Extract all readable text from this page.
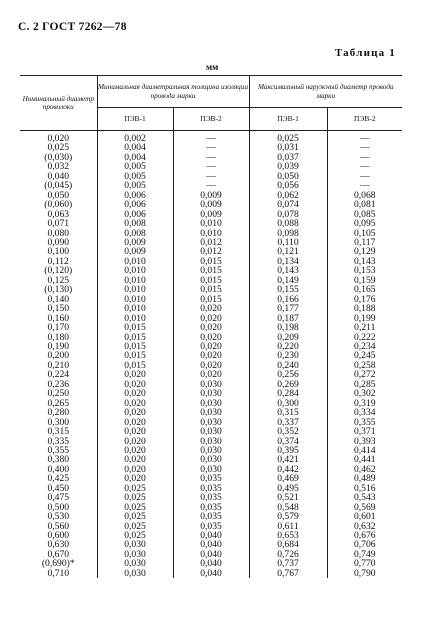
С. 2 ГОСТ 7262—78
Таблица 1
мм
Номинальный диаметр проволоки	Минимальная диаметральная толщина изоляции провода марки		Максимальный наружный диаметр провода марки	
	ПЭВ-1	ПЭВ-2	ПЭВ-1	ПЭВ-2
0,020	0,002	—	0,025	—
0,025	0,004	—	0,031	—
(0,030)	0,004	—	0,037	—
0,032	0,005	—	0,039	—
0,040	0,005	—	0,050	—
(0,045)	0,005	—	0,056	—
0,050	0,006	0,009	0,062	0,068
(0,060)	0,006	0,009	0,074	0,081
0,063	0,006	0,009	0,078	0,085
0,071	0,008	0,010	0,088	0,095
0,080	0,008	0,010	0,098	0,105
0,090	0,009	0,012	0,110	0,117
0,100	0,009	0,012	0,121	0,129
0,112	0,010	0,015	0,134	0,143
(0,120)	0,010	0,015	0,143	0,153
0,125	0,010	0,015	0,149	0,159
(0,130)	0,010	0,015	0,155	0,165
0,140	0,010	0,015	0,166	0,176
0,150	0,010	0,020	0,177	0,188
0,160	0,010	0,020	0,187	0,199
0,170	0,015	0,020	0,198	0,211
0,180	0,015	0,020	0,209	0,222
0,190	0,015	0,020	0,220	0,234
0,200	0,015	0,020	0,230	0,245
0,210	0,015	0,020	0,240	0,258
0,224	0,020	0,020	0,256	0,272
0,236	0,020	0,030	0,269	0,285
0,250	0,020	0,030	0,284	0,302
0,265	0,020	0,030	0,300	0,319
0,280	0,020	0,030	0,315	0,334
0,300	0,020	0,030	0,337	0,355
0,315	0,020	0,030	0,352	0,371
0,335	0,020	0,030	0,374	0,393
0,355	0,020	0,030	0,395	0,414
0,380	0,020	0,030	0,421	0,441
0,400	0,020	0,030	0,442	0,462
0,425	0,020	0,035	0,469	0,489
0,450	0,025	0,035	0,495	0,516
0,475	0,025	0,035	0,521	0,543
0,500	0,025	0,035	0,548	0,569
0,530	0,025	0,035	0,579	0,601
0,560	0,025	0,035	0,611	0,632
0,600	0,025	0,040	0,653	0,676
0,630	0,030	0,040	0,684	0,706
0,670	0,030	0,040	0,726	0,749
(0,690)*	0,030	0,040	0,737	0,770
0,710	0,030	0,040	0,767	0,790
